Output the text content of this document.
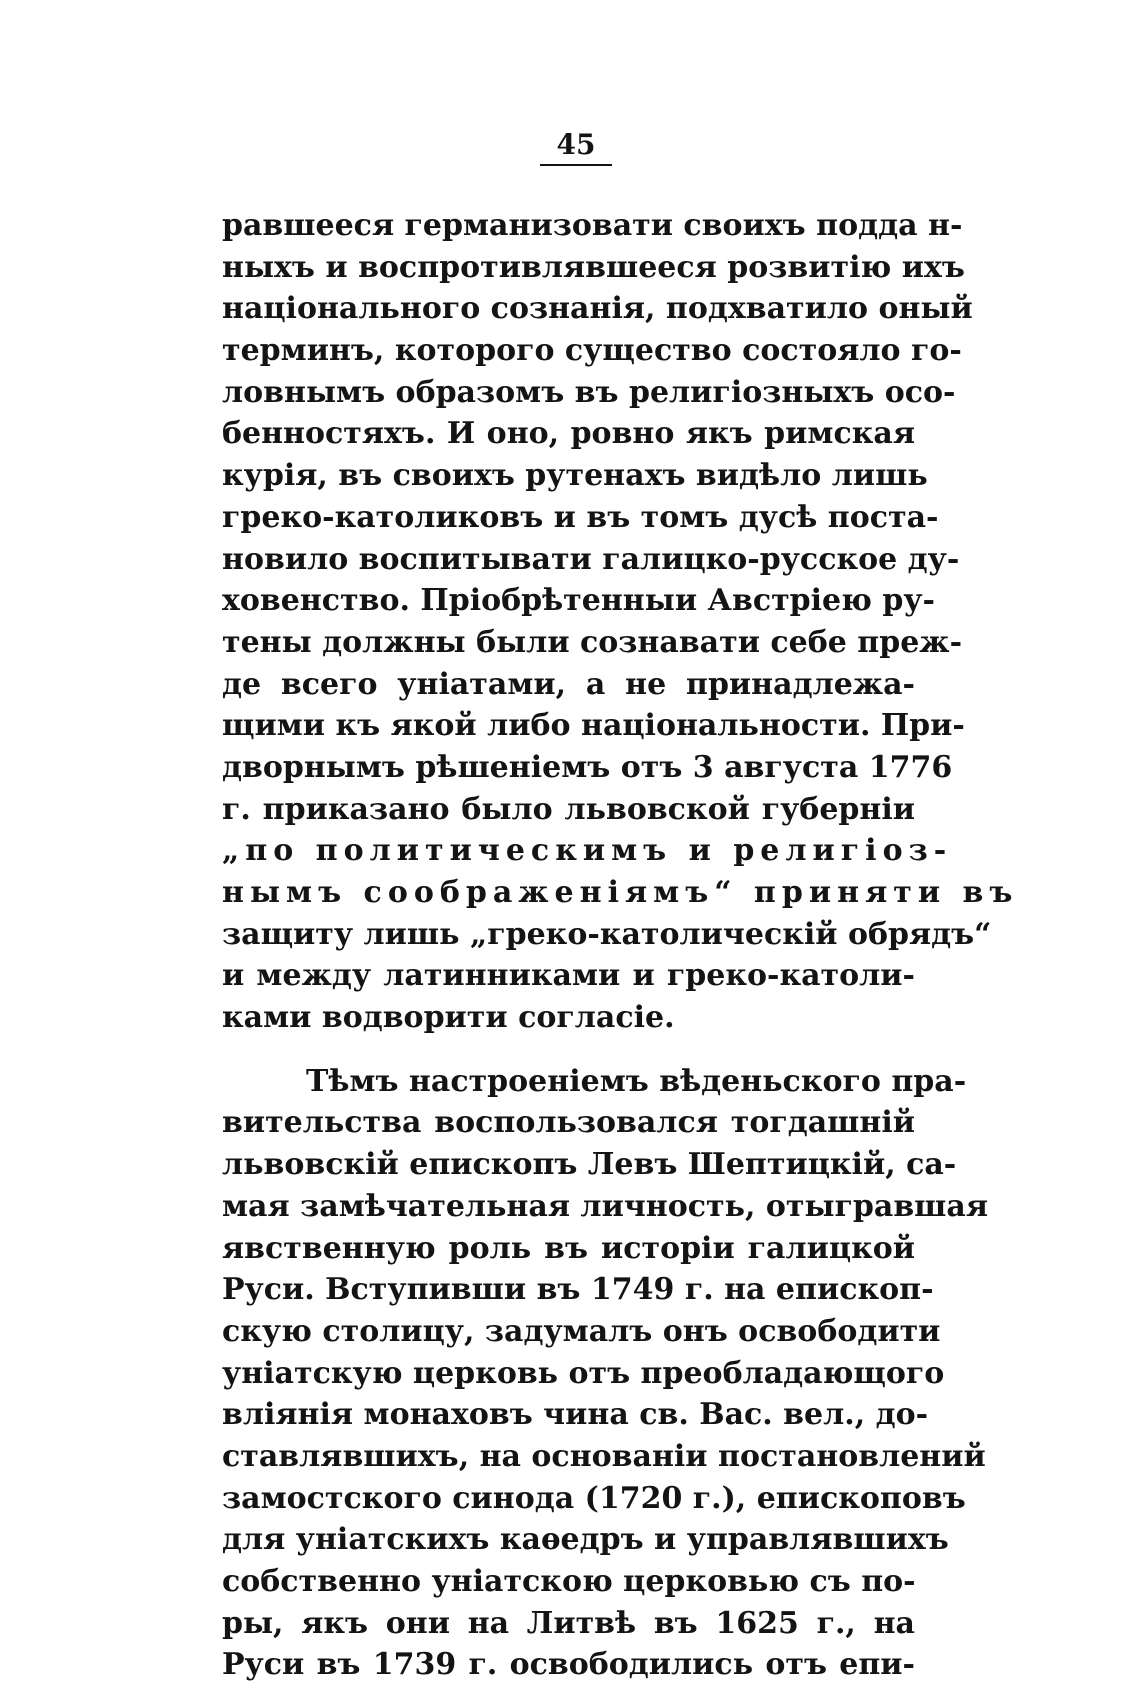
45
равшееся германизовати своихъ подда н-
ныхъ и воспротивлявшееся розвитію ихъ
національного сознанія, подхватило оный
терминъ, которого существо состояло го-
ловнымъ образомъ въ религіозныхъ осо-
бенностяхъ. И оно, ровно якъ римская
курія, въ своихъ рутенахъ видѣло лишь
греко-католиковъ и въ томъ дусѣ поста-
новило воспитывати галицко-русское ду-
ховенство. Пріобрѣтенныи Австріею ру-
тены должны были сознавати себе преж-
де всего уніатами, а не принадлежа-
щими къ якой либо національности. При-
дворнымъ рѣшеніемъ отъ 3 августа 1776
г. приказано было львовской губерніи
„по политическимъ и религіоз-
нымъ соображеніямъ“ приняти въ
защиту лишь „греко-католическій обрядъ“
и между латинниками и греко-католи-
ками водворити согласіе.
Тѣмъ настроеніемъ вѣденьского пра-
вительства воспользовался тогдашній
львовскій епископъ Левъ Шептицкій, са-
мая замѣчательная личность, отыгравшая
явственную роль въ исторіи галицкой
Руси. Вступивши въ 1749 г. на епископ-
скую столицу, задумалъ онъ освободити
уніатскую церковь отъ преобладающого
вліянія монаховъ чина св. Вас. вел., до-
ставлявшихъ, на основаніи постановлений
замостского синода (1720 г.), епископовъ
для уніатскихъ каѳедръ и управлявшихъ
собственно уніатскою церковью съ по-
ры, якъ они на Литвѣ въ 1625 г., на
Руси въ 1739 г. освободились отъ епи-
